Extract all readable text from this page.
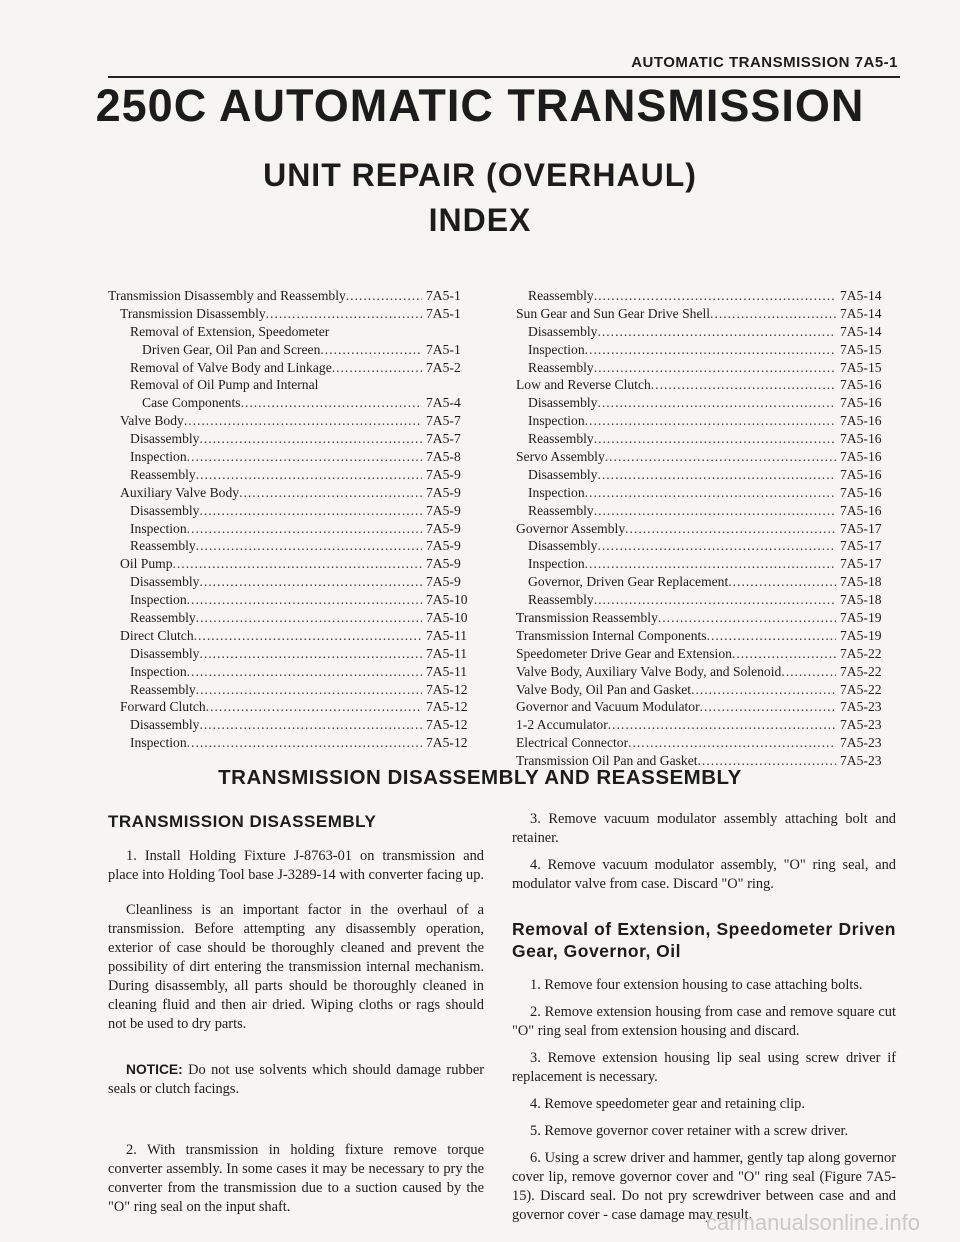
AUTOMATIC TRANSMISSION 7A5-1
250C AUTOMATIC TRANSMISSION
UNIT REPAIR (OVERHAUL)
INDEX
Transmission Disassembly and Reassembly .....	7A5-1
Transmission Disassembly .....	7A5-1
Removal of Extension, Speedometer
Driven Gear, Oil Pan and Screen .....	7A5-1
Removal of Valve Body and Linkage .....	7A5-2
Removal of Oil Pump and Internal
Case Components .....	7A5-4
Valve Body .....	7A5-7
Disassembly .....	7A5-7
Inspection .....	7A5-8
Reassembly .....	7A5-9
Auxiliary Valve Body .....	7A5-9
Disassembly .....	7A5-9
Inspection .....	7A5-9
Reassembly .....	7A5-9
Oil Pump .....	7A5-9
Disassembly .....	7A5-9
Inspection .....	7A5-10
Reassembly .....	7A5-10
Direct Clutch .....	7A5-11
Disassembly .....	7A5-11
Inspection .....	7A5-11
Reassembly .....	7A5-12
Forward Clutch .....	7A5-12
Disassembly .....	7A5-12
Inspection .....	7A5-12
Reassembly .....	7A5-14
Sun Gear and Sun Gear Drive Shell .....	7A5-14
Disassembly .....	7A5-14
Inspection .....	7A5-15
Reassembly .....	7A5-15
Low and Reverse Clutch .....	7A5-16
Disassembly .....	7A5-16
Inspection .....	7A5-16
Reassembly .....	7A5-16
Servo Assembly .....	7A5-16
Disassembly .....	7A5-16
Inspection .....	7A5-16
Reassembly .....	7A5-16
Governor Assembly .....	7A5-17
Disassembly .....	7A5-17
Inspection .....	7A5-17
Governor, Driven Gear Replacement .....	7A5-18
Reassembly .....	7A5-18
Transmission Reassembly .....	7A5-19
Transmission Internal Components .....	7A5-19
Speedometer Drive Gear and Extension .....	7A5-22
Valve Body, Auxiliary Valve Body, and Solenoid .....	7A5-22
Valve Body, Oil Pan and Gasket .....	7A5-22
Governor and Vacuum Modulator .....	7A5-23
1-2 Accumulator .....	7A5-23
Electrical Connector .....	7A5-23
Transmission Oil Pan and Gasket .....	7A5-23
TRANSMISSION DISASSEMBLY AND REASSEMBLY
TRANSMISSION DISASSEMBLY

1. Install Holding Fixture J-8763-01 on transmission and place into Holding Tool base J-3289-14 with converter facing up.

Cleanliness is an important factor in the overhaul of a transmission. Before attempting any disassembly operation, exterior of case should be thoroughly cleaned and prevent the possibility of dirt entering the transmission internal mechanism. During disassembly, all parts should be thoroughly cleaned in cleaning fluid and then air dried. Wiping cloths or rags should not be used to dry parts.

NOTICE: Do not use solvents which should damage rubber seals or clutch facings.

2. With transmission in holding fixture remove torque converter assembly. In some cases it may be necessary to pry the converter from the transmission due to a suction caused by the "O" ring seal on the input shaft.

3. Remove vacuum modulator assembly attaching bolt and retainer.

4. Remove vacuum modulator assembly, "O" ring seal, and modulator valve from case. Discard "O" ring.

Removal of Extension, Speedometer Driven Gear, Governor, Oil

1. Remove four extension housing to case attaching bolts.

2. Remove extension housing from case and remove square cut "O" ring seal from extension housing and discard.

3. Remove extension housing lip seal using screw driver if replacement is necessary.

4. Remove speedometer gear and retaining clip.

5. Remove governor cover retainer with a screw driver.

6. Using a screw driver and hammer, gently tap along governor cover lip, remove governor cover and "O" ring seal (Figure 7A5-15). Discard seal. Do not pry screwdriver between case and and governor cover - case damage may result.

carmanualsonline.info
